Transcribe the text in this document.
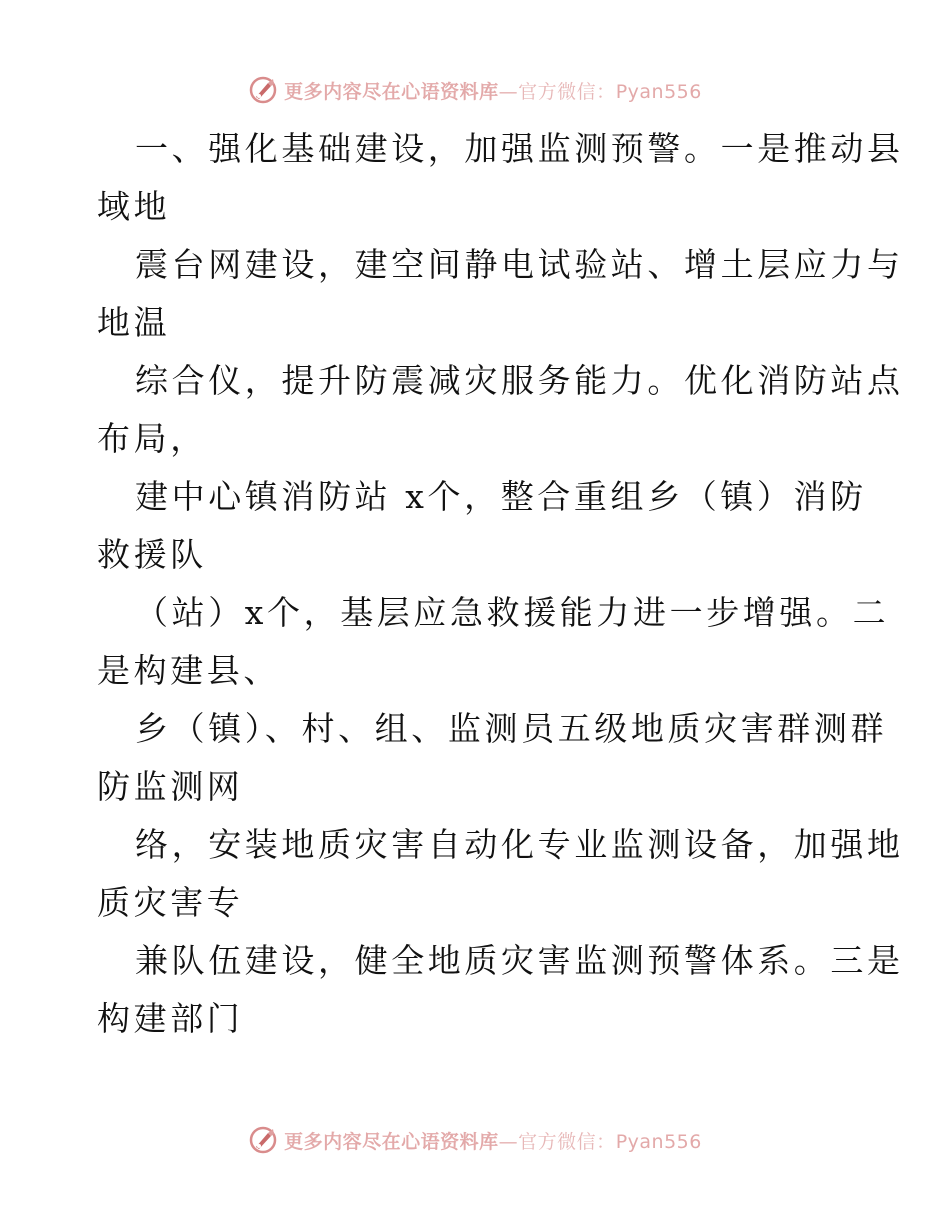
更多内容尽在心语资料库—官方微信：Pyan556
一、强化基础建设，加强监测预警。一是推动县
域地
震台网建设，建空间静电试验站、增土层应力与
地温
综合仪，提升防震减灾服务能力。优化消防站点
布局，
建中心镇消防站 x个，整合重组乡（镇）消防
救援队
（站）x个，基层应急救援能力进一步增强。二
是构建县、
乡（镇）、村、组、监测员五级地质灾害群测群
防监测网
络，安装地质灾害自动化专业监测设备，加强地
质灾害专
兼队伍建设，健全地质灾害监测预警体系。三是
构建部门
更多内容尽在心语资料库—官方微信：Pyan556
